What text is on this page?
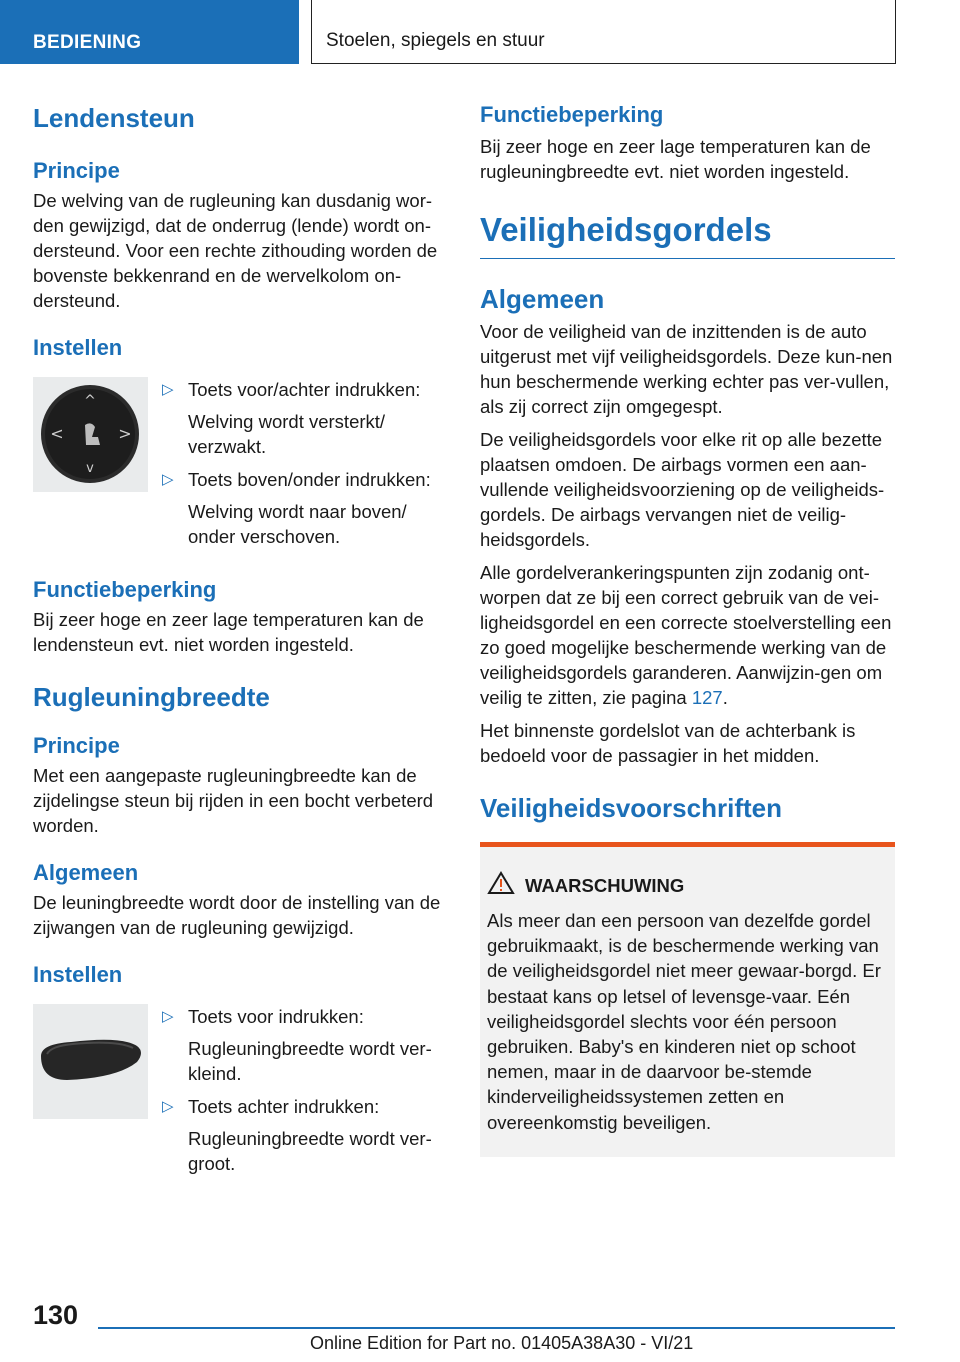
BEDIENING	Stoelen, spiegels en stuur
Lendensteun
Principe

De welving van de rugleuning kan dusdanig wor-den gewijzigd, dat de onderrug (lende) wordt on-dersteund. Voor een rechte zithouding worden de bovenste bekkenrand en de wervelkolom on-dersteund.

Instellen
^
v
<	>
▷ Toets voor/achter indrukken:
Welving wordt versterkt/ verzwakt.
▷ Toets boven/onder indrukken:
Welving wordt naar boven/ onder verschoven.
Functiebeperking

Bij zeer hoge en zeer lage temperaturen kan de lendensteun evt. niet worden ingesteld.

Rugleuningbreedte
Principe

Met een aangepaste rugleuningbreedte kan de zijdelingse steun bij rijden in een bocht verbeterd worden.

Algemeen

De leuningbreedte wordt door de instelling van de zijwangen van de rugleuning gewijzigd.

Instellen
▷ Toets voor indrukken:
Rugleuningbreedte wordt ver-kleind.
▷ Toets achter indrukken:
Rugleuningbreedte wordt ver-groot.
Functiebeperking

Bij zeer hoge en zeer lage temperaturen kan de rugleuningbreedte evt. niet worden ingesteld.

Veiligheidsgordels
Algemeen

Voor de veiligheid van de inzittenden is de auto uitgerust met vijf veiligheidsgordels. Deze kun-nen hun beschermende werking echter pas ver-vullen, als zij correct zijn omgegespt.

De veiligheidsgordels voor elke rit op alle bezette plaatsen omdoen. De airbags vormen een aan-vullende veiligheidsvoorziening op de veiligheids-gordels. De airbags vervangen niet de veilig-heidsgordels.

Alle gordelverankeringspunten zijn zodanig ont-worpen dat ze bij een correct gebruik van de vei-ligheidsgordel en een correcte stoelverstelling een zo goed mogelijke beschermende werking van de veiligheidsgordels garanderen. Aanwijzin-gen om veilig te zitten, zie pagina 127.

Het binnenste gordelslot van de achterbank is bedoeld voor de passagier in het midden.

Veiligheidsvoorschriften
WAARSCHUWING
Als meer dan een persoon van dezelfde gordel gebruikmaakt, is de beschermende werking van de veiligheidsgordel niet meer gewaar-borgd. Er bestaat kans op letsel of levensge-vaar. Eén veiligheidsgordel slechts voor één persoon gebruiken. Baby's en kinderen niet op schoot nemen, maar in de daarvoor be-stemde kinderveiligheidssystemen zetten en overeenkomstig beveiligen.
130
Online Edition for Part no. 01405A38A30 - VI/21
